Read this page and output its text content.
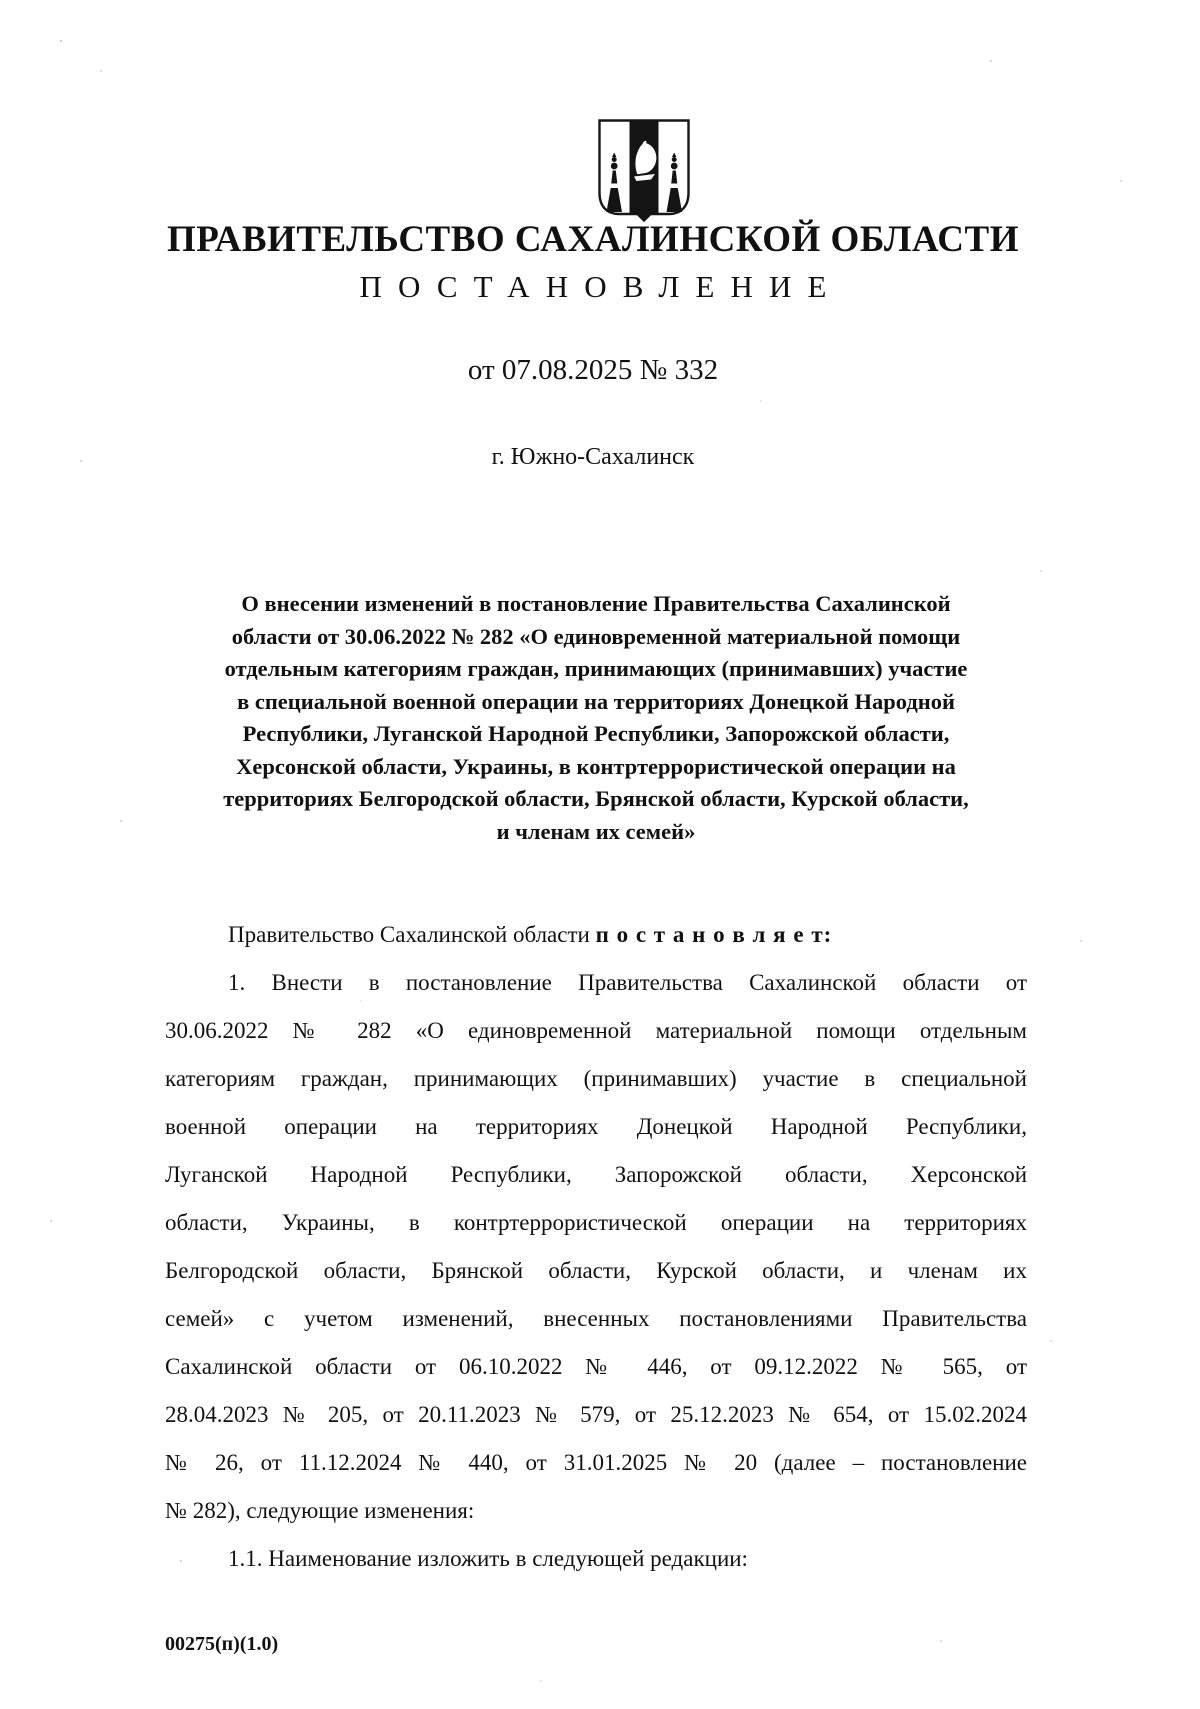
ПРАВИТЕЛЬСТВО САХАЛИНСКОЙ ОБЛАСТИ
ПОСТАНОВЛЕНИЕ
от 07.08.2025 № 332
г. Южно-Сахалинск
О внесении изменений в постановление Правительства Сахалинской
области от 30.06.2022 № 282 «О единовременной материальной помощи
отдельным категориям граждан, принимающих (принимавших) участие
в специальной военной операции на территориях Донецкой Народной
Республики, Луганской Народной Республики, Запорожской области,
Херсонской области, Украины, в контртеррористической операции на
территориях Белгородской области, Брянской области, Курской области,
и членам их семей»
Правительство Сахалинской области п о с т а н о в л я е т:
1. Внести в постановление Правительства Сахалинской области от
30.06.2022 № 282 «О единовременной материальной помощи отдельным
категориям граждан, принимающих (принимавших) участие в специальной
военной операции на территориях Донецкой Народной Республики,
Луганской Народной Республики, Запорожской области, Херсонской
области, Украины, в контртеррористической операции на территориях
Белгородской области, Брянской области, Курской области, и членам их
семей» с учетом изменений, внесенных постановлениями Правительства
Сахалинской области от 06.10.2022 № 446, от 09.12.2022 № 565, от
28.04.2023 № 205, от 20.11.2023 № 579, от 25.12.2023 № 654, от 15.02.2024
№ 26, от 11.12.2024 № 440, от 31.01.2025 № 20 (далее – постановление
№ 282), следующие изменения:
1.1. Наименование изложить в следующей редакции:
00275(п)(1.0)
